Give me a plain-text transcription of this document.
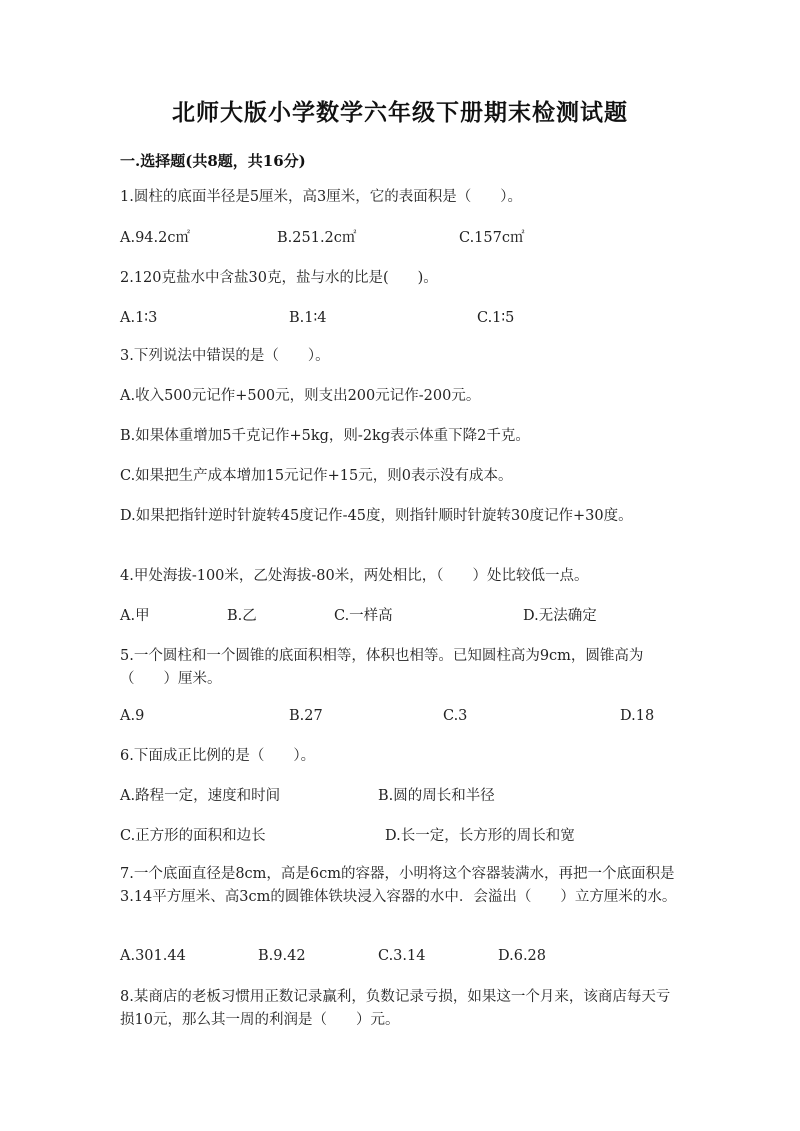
北师大版小学数学六年级下册期末检测试题
一.选择题(共8题，共16分)
1.圆柱的底面半径是5厘米，高3厘米，它的表面积是（　　）。
A.94.2c㎡	B.251.2c㎡	C.157c㎡
2.120克盐水中含盐30克，盐与水的比是(　　)。
A.1∶3	B.1∶4	C.1∶5
3.下列说法中错误的是（　　）。
A.收入500元记作+500元，则支出200元记作-200元。
B.如果体重增加5千克记作+5kg，则-2kg表示体重下降2千克。
C.如果把生产成本增加15元记作+15元，则0表示没有成本。
D.如果把指针逆时针旋转45度记作-45度，则指针顺时针旋转30度记作+30度。
4.甲处海拔-100米，乙处海拔-80米，两处相比，（　　）处比较低一点。
A.甲	B.乙	C.一样高	D.无法确定
5.一个圆柱和一个圆锥的底面积相等，体积也相等。已知圆柱高为9cm，圆锥高为（　　）厘米。
A.9	B.27	C.3	D.18
6.下面成正比例的是（　　）。
A.路程一定，速度和时间	B.圆的周长和半径
C.正方形的面积和边长	D.长一定，长方形的周长和宽
7.一个底面直径是8cm，高是6cm的容器，小明将这个容器装满水，再把一个底面积是3.14平方厘米、高3cm的圆锥体铁块浸入容器的水中．会溢出（　　）立方厘米的水。
A.301.44	B.9.42	C.3.14	D.6.28
8.某商店的老板习惯用正数记录赢利，负数记录亏损，如果这一个月来，该商店每天亏损10元，那么其一周的利润是（　　）元。
